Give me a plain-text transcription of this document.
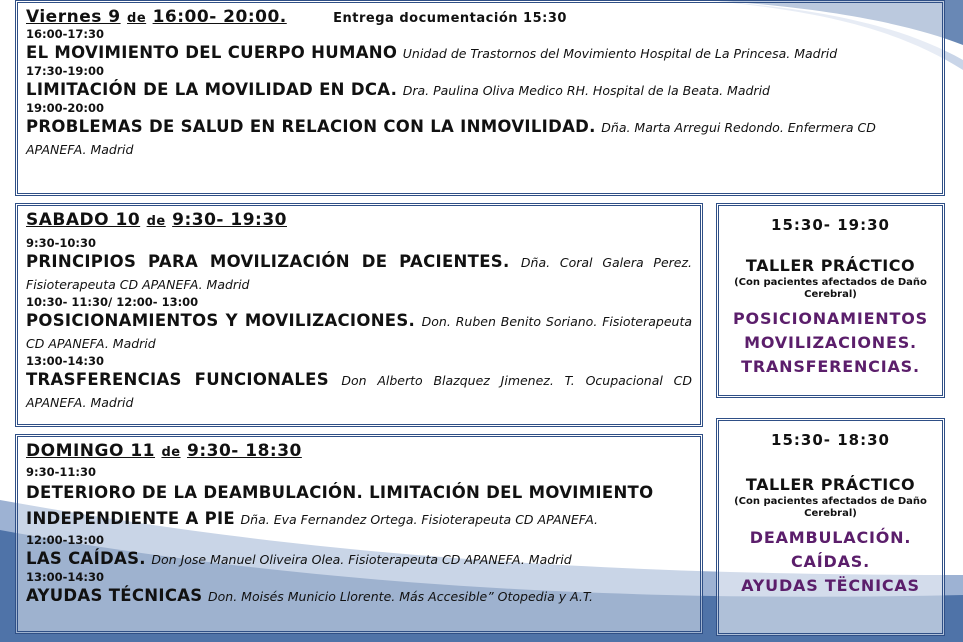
Viernes 9 de 16:00- 20:00.	Entrega documentación 15:30
16:00-17:30
EL MOVIMIENTO DEL CUERPO HUMANO Unidad de Trastornos del Movimiento Hospital de La Princesa. Madrid
17:30-19:00
LIMITACIÓN DE LA MOVILIDAD EN DCA. Dra. Paulina Oliva Medico RH. Hospital de la Beata. Madrid
19:00-20:00
PROBLEMAS DE SALUD EN RELACION CON LA INMOVILIDAD. Dña. Marta Arregui Redondo. Enfermera CD APANEFA. Madrid
SABADO 10 de 9:30- 19:30
9:30-10:30
PRINCIPIOS PARA MOVILIZACIÓN DE PACIENTES. Dña. Coral Galera Perez. Fisioterapeuta CD APANEFA. Madrid
10:30- 11:30/ 12:00- 13:00
POSICIONAMIENTOS Y MOVILIZACIONES. Don. Ruben Benito Soriano. Fisioterapeuta CD APANEFA. Madrid
13:00-14:30
TRASFERENCIAS FUNCIONALES Don Alberto Blazquez Jimenez. T. Ocupacional CD APANEFA. Madrid
DOMINGO 11 de 9:30- 18:30
9:30-11:30
DETERIORO DE LA DEAMBULACIÓN. LIMITACIÓN DEL MOVIMIENTO INDEPENDIENTE A PIE Dña. Eva Fernandez Ortega. Fisioterapeuta CD APANEFA.
12:00-13:00
LAS CAÍDAS. Don Jose Manuel Oliveira Olea. Fisioterapeuta CD APANEFA. Madrid
13:00-14:30
AYUDAS TÉCNICAS Don. Moisés Municio Llorente. Más Accesible” Otopedia y A.T.
15:30- 19:30
TALLER PRÁCTICO
(Con pacientes afectados de Daño Cerebral)
POSICIONAMIENTOS
MOVILIZACIONES.
TRANSFERENCIAS.
15:30- 18:30
TALLER PRÁCTICO
(Con pacientes afectados de Daño Cerebral)
DEAMBULACIÓN.
CAÍDAS.
AYUDAS TËCNICAS
